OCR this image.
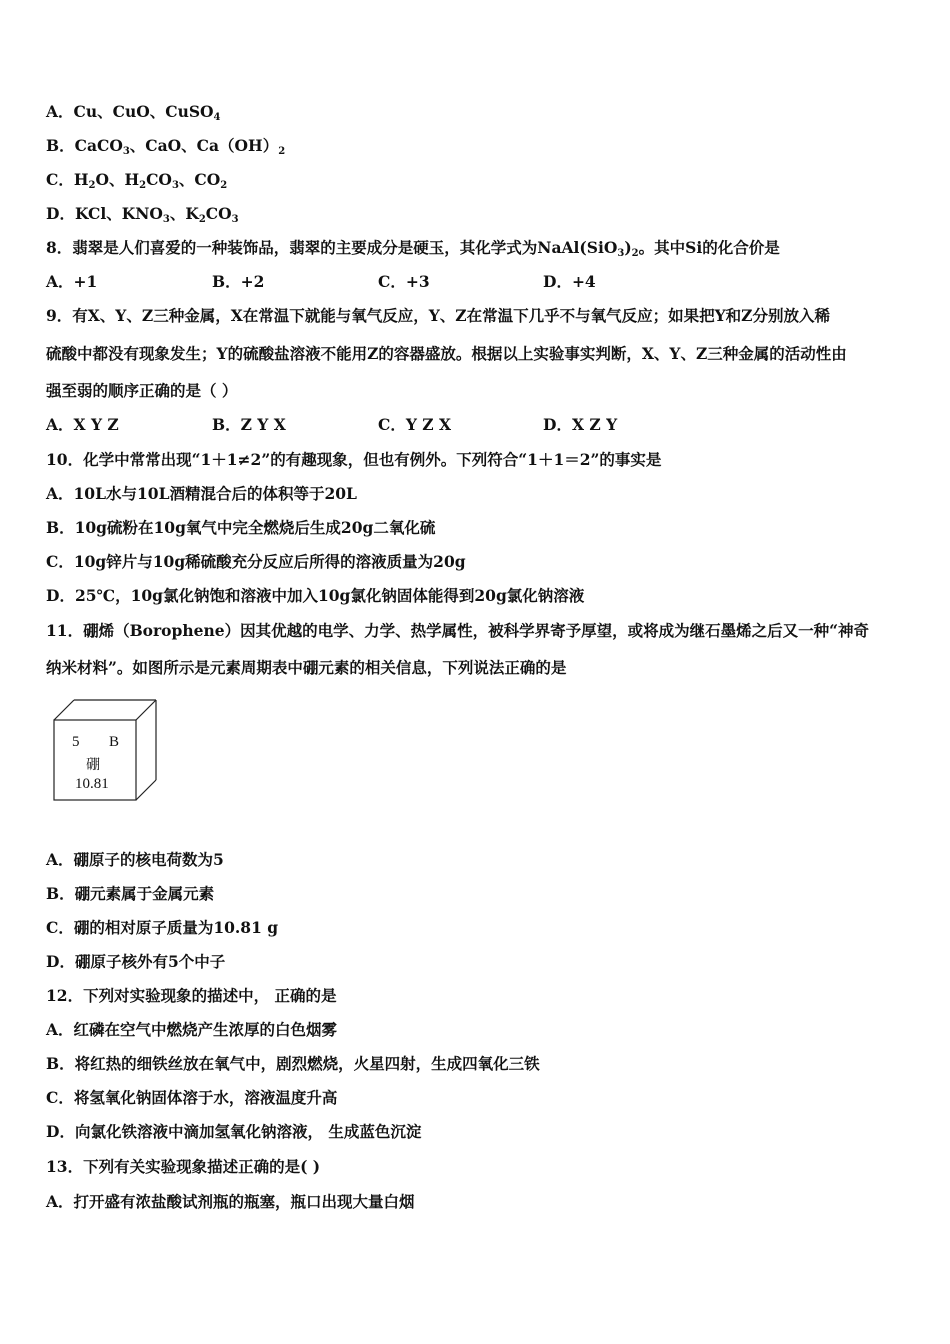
A．Cu、CuO、CuSO$_4$
B．CaCO$_3$、CaO、$Ca(OH)_2$
C．$H_2O$、$H_2CO_3$、$CO_2$
D．KCl、$KNO_3$、$K_2CO_3$
8．翡翠是人们喜爱的一种装饰品，翡翠的主要成分是硬玉，其化学式为$NaAl(SiO_3)_2$。其中Si的化合价是
A．+1	B．+2	C．+3	D．+4
9．有X、Y、Z三种金属，X在常温下就能与氧气反应，Y、Z在常温下几乎不与氧气反应；如果把Y和Z分别放入稀
硫酸中都没有现象发生；Y的硫酸盐溶液不能用Z的容器盛放。根据以上实验事实判断，X、Y、Z三种金属的活动性由
强至弱的顺序正确的是（ ）
A．X Y Z	B．Z Y X	C．Y Z X	D．X Z Y
10．化学中常常出现“1＋1≠2”的有趣现象，但也有例外。下列符合“1＋1＝2”的事实是
A．10L水与10L酒精混合后的体积等于20L
B．10g硫粉在10g氧气中完全燃烧后生成20g二氧化硫
C．10g锌片与10g稀硫酸充分反应后所得的溶液质量为20g
D．25℃，10g氯化钠饱和溶液中加入10g氯化钠固体能得到20g氯化钠溶液
11．硼烯（Borophene）因其优越的电学、力学、热学属性，被科学界寄予厚望，或将成为继石墨烯之后又一种“神奇
纳米材料”。如图所示是元素周期表中硼元素的相关信息，下列说法正确的是
5 B
硼
10.81
A．硼原子的核电荷数为5
B．硼元素属于金属元素
C．硼的相对原子质量为10.81 g
D．硼原子核外有5个中子
12．下列对实验现象的描述中， 正确的是
A．红磷在空气中燃烧产生浓厚的白色烟雾
B．将红热的细铁丝放在氧气中，剧烈燃烧，火星四射，生成四氧化三铁
C．将氢氧化钠固体溶于水，溶液温度升高
D．向氯化铁溶液中滴加氢氧化钠溶液， 生成蓝色沉淀
13．下列有关实验现象描述正确的是( )
A．打开盛有浓盐酸试剂瓶的瓶塞，瓶口出现大量白烟
